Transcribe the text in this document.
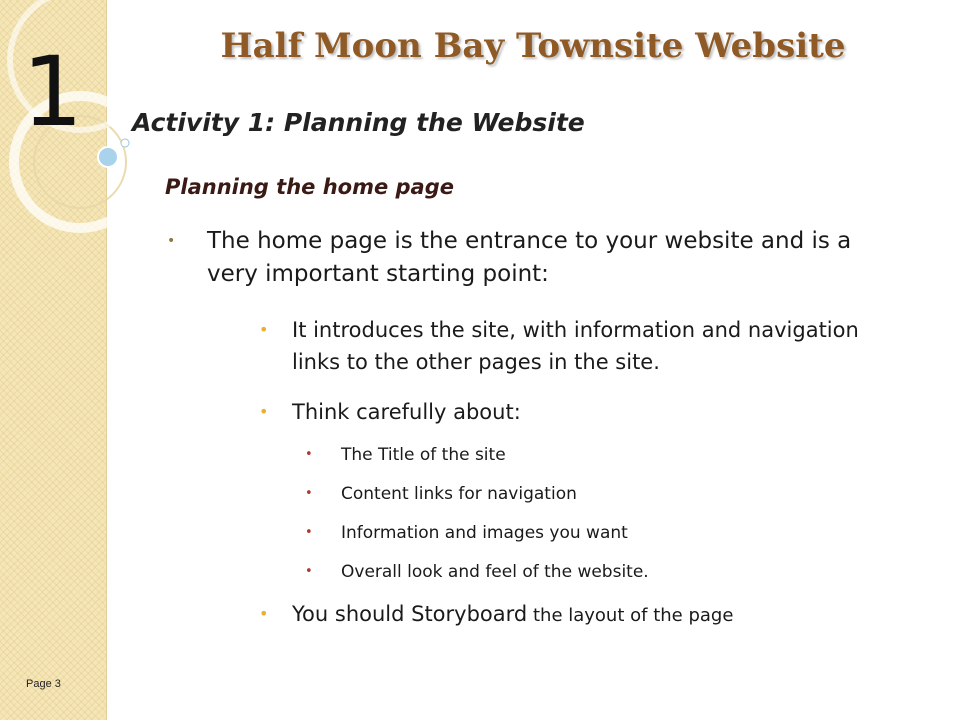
1
Page 3
Half Moon Bay Townsite Website
Activity 1: Planning the Website
Planning the home page
• The home page is the entrance to your website and is a very important starting point:
• It introduces the site, with information and navigation links to the other pages in the site.
• Think carefully about:
• The Title of the site
• Content links for navigation
• Information and images you want
• Overall look and feel of the website.
• You should Storyboard the layout of the page
